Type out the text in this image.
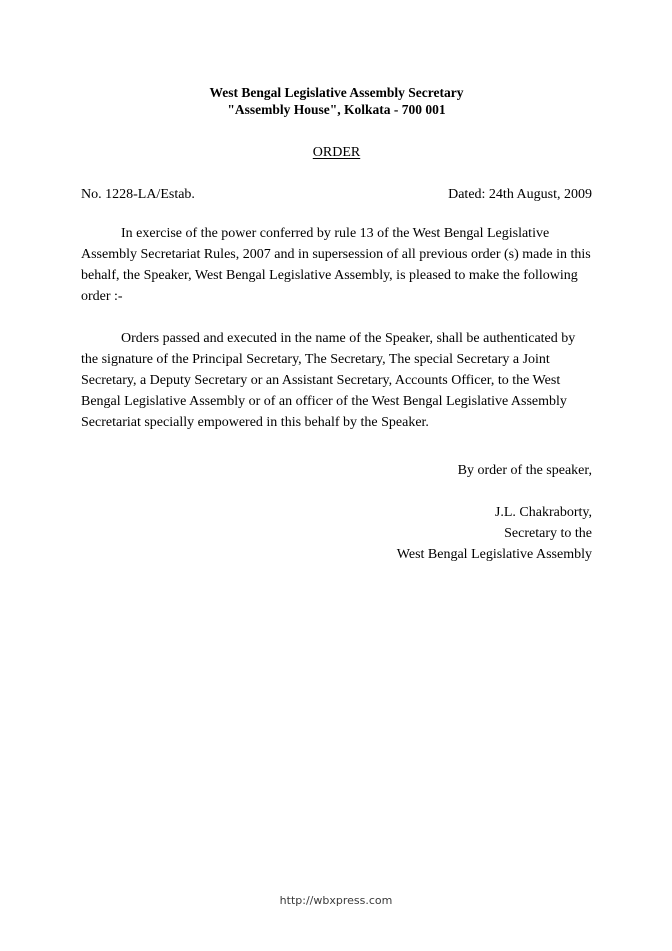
West Bengal Legislative Assembly Secretary
"Assembly House", Kolkata - 700 001
ORDER
No. 1228-LA/Estab.	Dated: 24th August, 2009

In exercise of the power conferred by rule 13 of the West Bengal Legislative Assembly Secretariat Rules, 2007 and in supersession of all previous order (s) made in this behalf, the Speaker, West Bengal Legislative Assembly, is pleased to make the following order :-

Orders passed and executed in the name of the Speaker, shall be authenticated by the signature of the Principal Secretary, The Secretary, The special Secretary a Joint Secretary, a Deputy Secretary or an Assistant Secretary, Accounts Officer, to the West Bengal Legislative Assembly or of an officer of the West Bengal Legislative Assembly Secretariat specially empowered in this behalf by the Speaker.

By order of the speaker,
J.L. Chakraborty,
Secretary to the
West Bengal Legislative Assembly
http://wbxpress.com
